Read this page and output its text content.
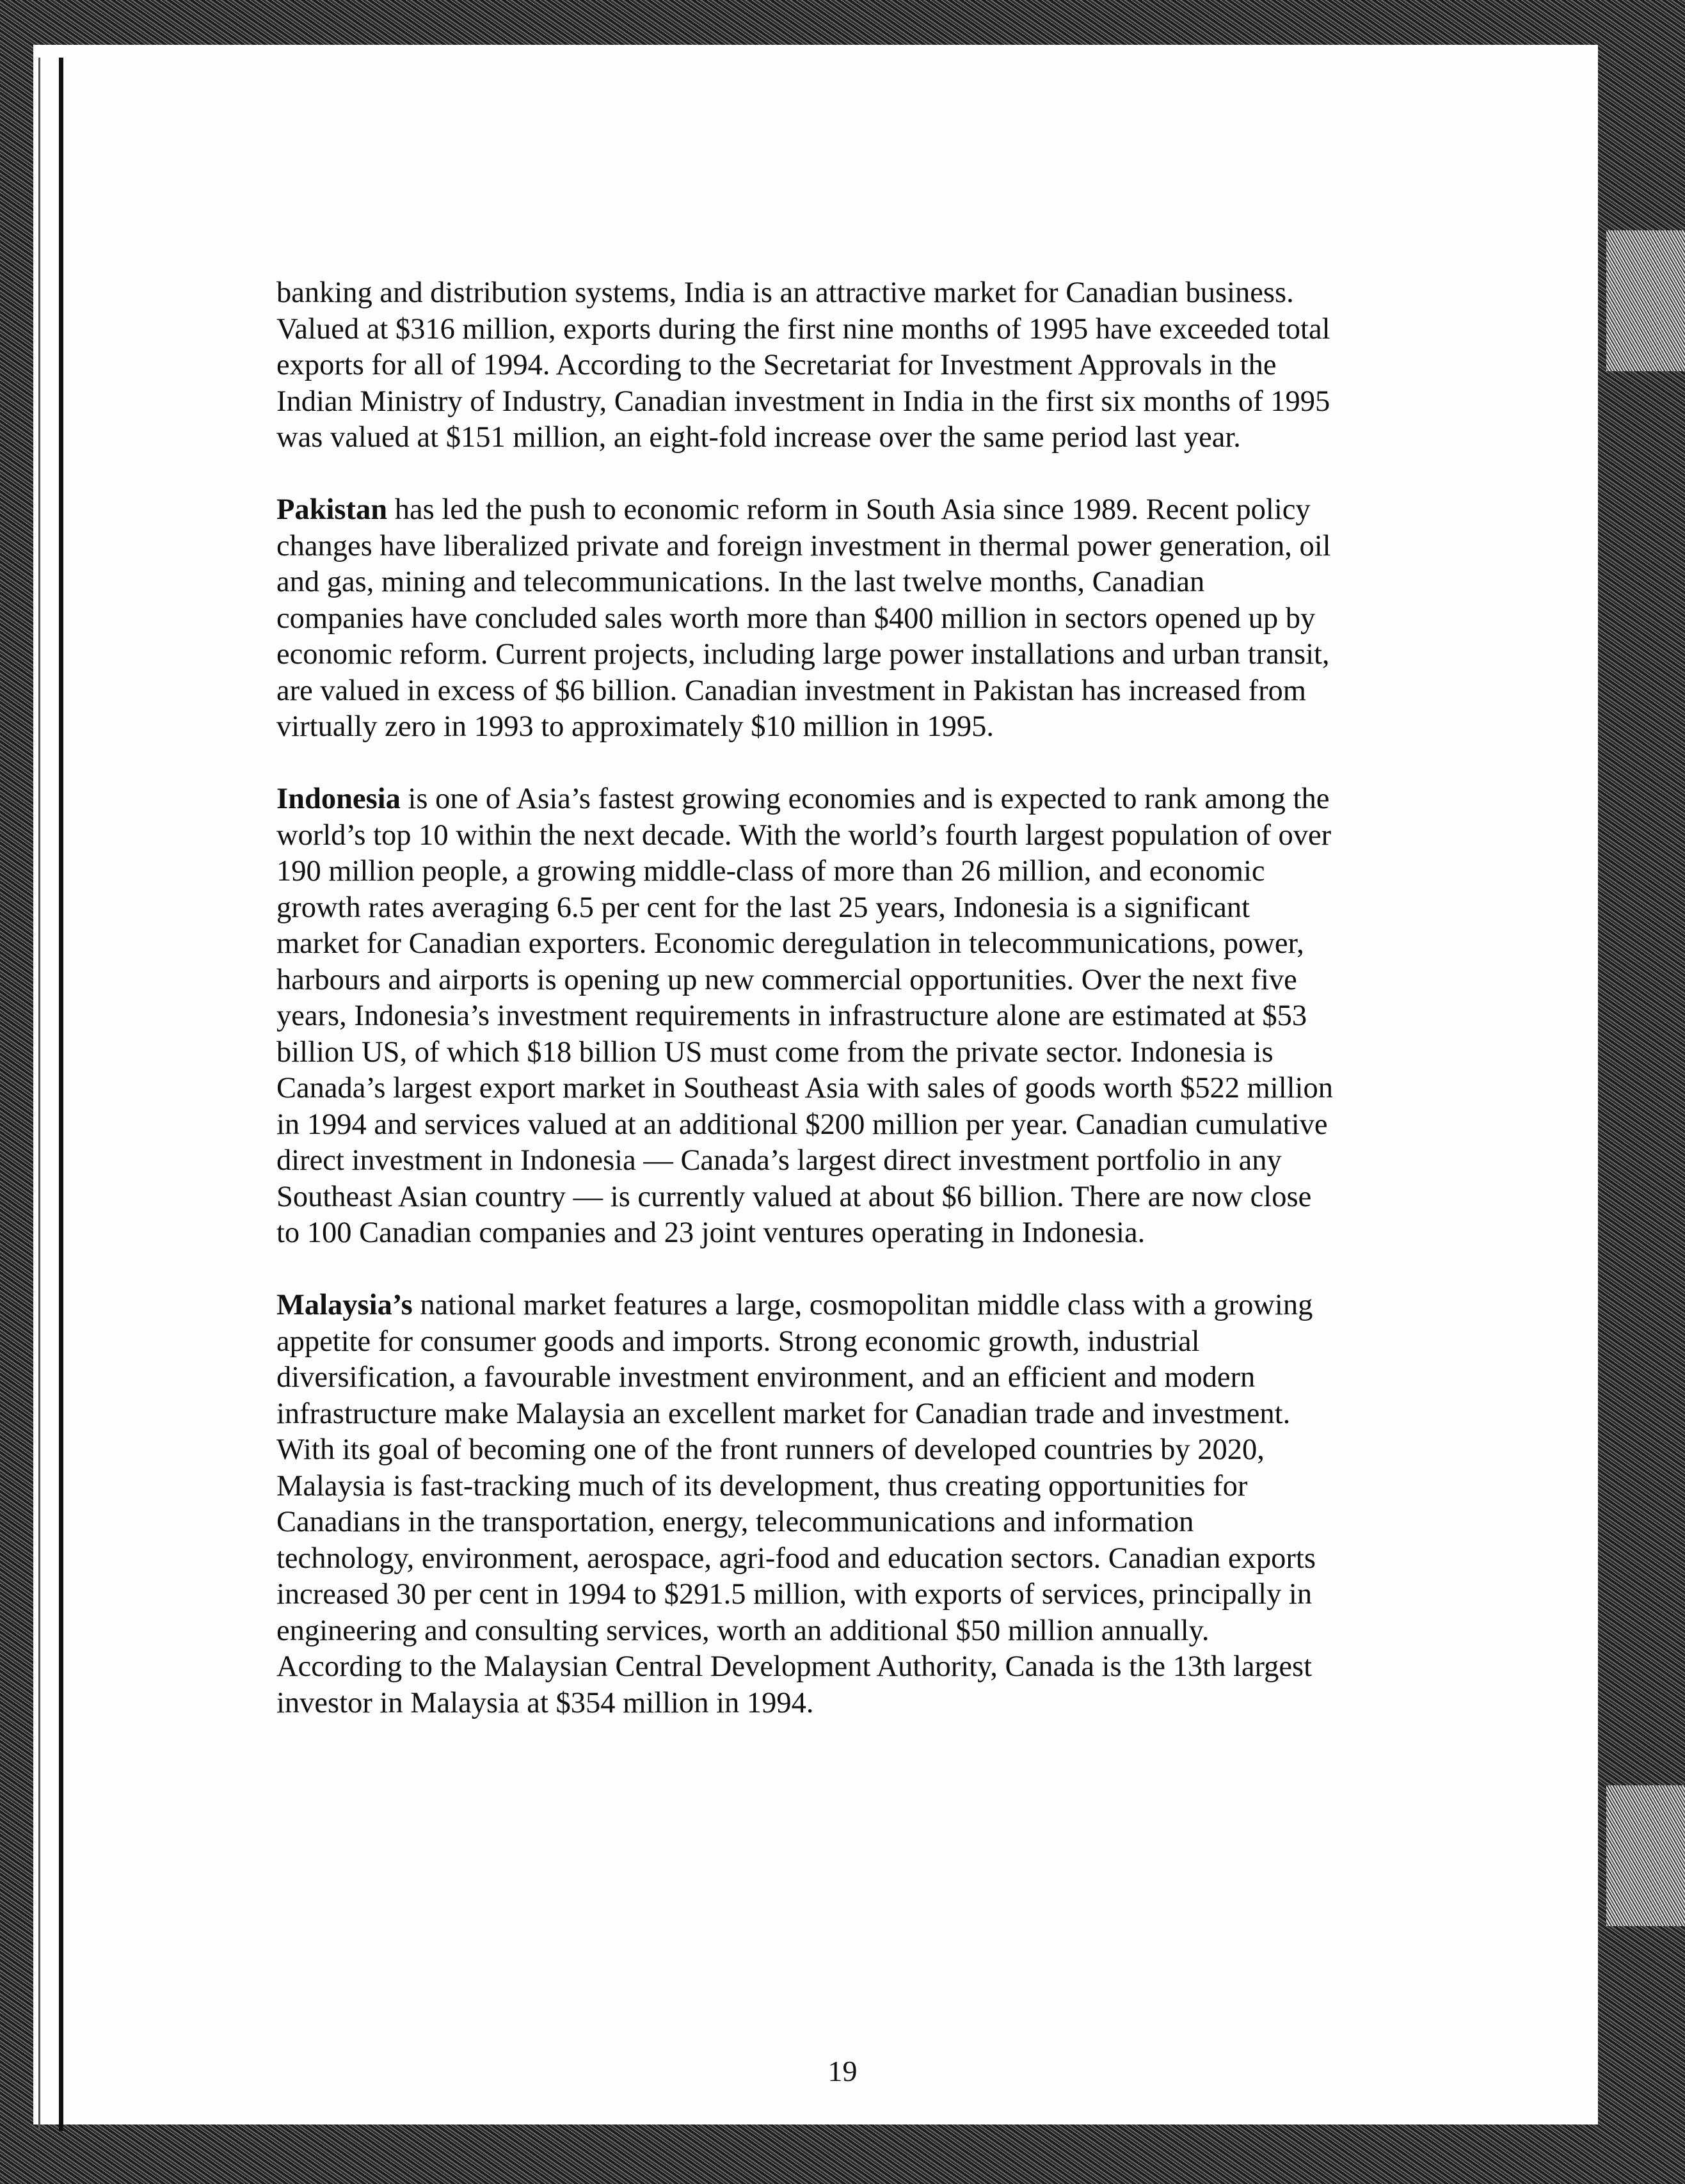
banking and distribution systems, India is an attractive market for Canadian business. Valued at $316 million, exports during the first nine months of 1995 have exceeded total exports for all of 1994. According to the Secretariat for Investment Approvals in the Indian Ministry of Industry, Canadian investment in India in the first six months of 1995 was valued at $151 million, an eight-fold increase over the same period last year.

Pakistan has led the push to economic reform in South Asia since 1989. Recent policy changes have liberalized private and foreign investment in thermal power generation, oil and gas, mining and telecommunications. In the last twelve months, Canadian companies have concluded sales worth more than $400 million in sectors opened up by economic reform. Current projects, including large power installations and urban transit, are valued in excess of $6 billion. Canadian investment in Pakistan has increased from virtually zero in 1993 to approximately $10 million in 1995.

Indonesia is one of Asia’s fastest growing economies and is expected to rank among the world’s top 10 within the next decade. With the world’s fourth largest population of over 190 million people, a growing middle-class of more than 26 million, and economic growth rates averaging 6.5 per cent for the last 25 years, Indonesia is a significant market for Canadian exporters. Economic deregulation in telecommunications, power, harbours and airports is opening up new commercial opportunities. Over the next five years, Indonesia’s investment requirements in infrastructure alone are estimated at $53 billion US, of which $18 billion US must come from the private sector. Indonesia is Canada’s largest export market in Southeast Asia with sales of goods worth $522 million in 1994 and services valued at an additional $200 million per year. Canadian cumulative direct investment in Indonesia — Canada’s largest direct investment portfolio in any Southeast Asian country — is currently valued at about $6 billion. There are now close to 100 Canadian companies and 23 joint ventures operating in Indonesia.

Malaysia’s national market features a large, cosmopolitan middle class with a growing appetite for consumer goods and imports. Strong economic growth, industrial diversification, a favourable investment environment, and an efficient and modern infrastructure make Malaysia an excellent market for Canadian trade and investment. With its goal of becoming one of the front runners of developed countries by 2020, Malaysia is fast-tracking much of its development, thus creating opportunities for Canadians in the transportation, energy, telecommunications and information technology, environment, aerospace, agri-food and education sectors. Canadian exports increased 30 per cent in 1994 to $291.5 million, with exports of services, principally in engineering and consulting services, worth an additional $50 million annually. According to the Malaysian Central Development Authority, Canada is the 13th largest investor in Malaysia at $354 million in 1994.

19
